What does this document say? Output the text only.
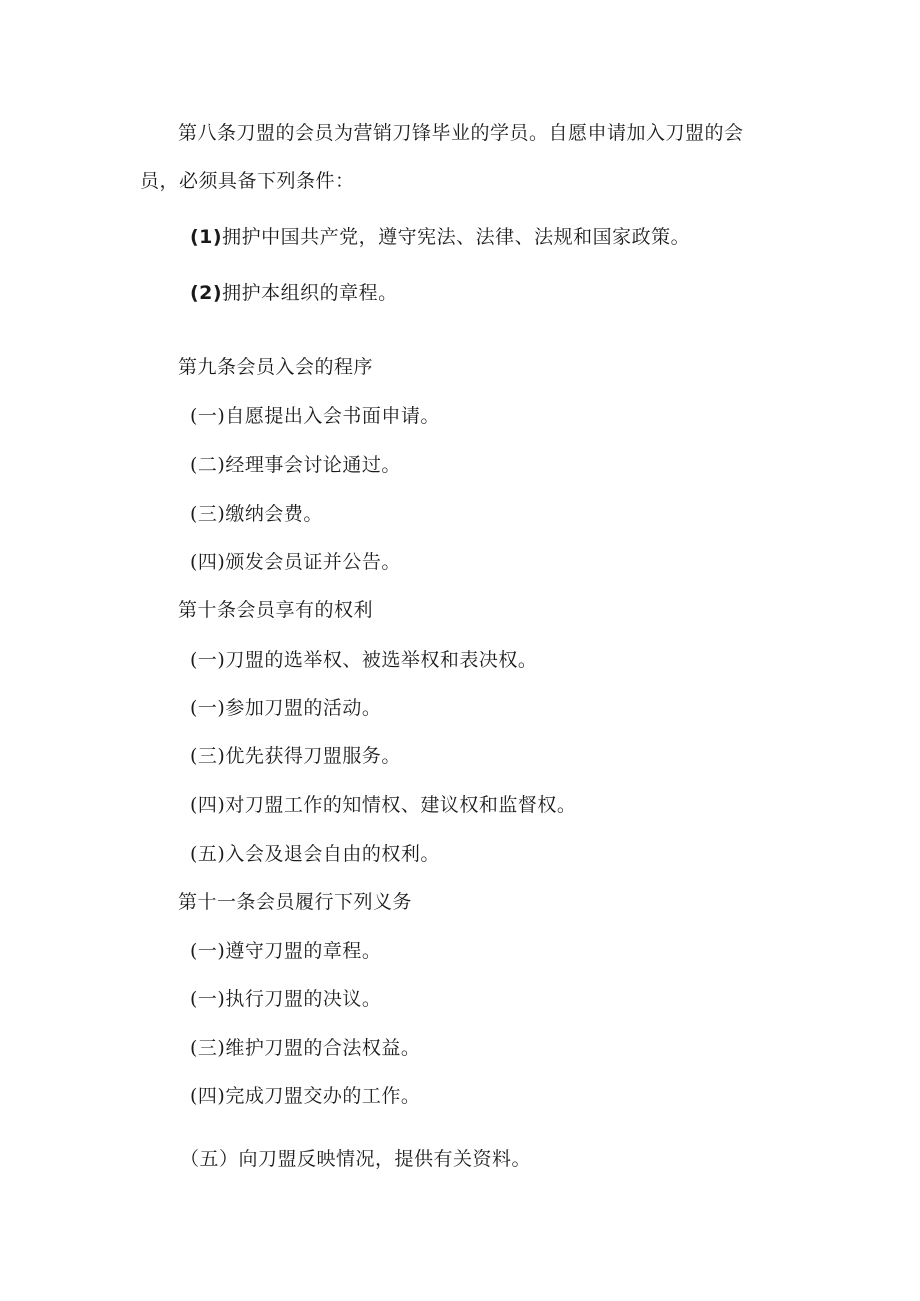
第八条刀盟的会员为营销刀锋毕业的学员。自愿申请加入刀盟的会
员，必须具备下列条件：
(1)拥护中国共产党，遵守宪法、法律、法规和国家政策。
(2)拥护本组织的章程。
第九条会员入会的程序
(一)自愿提出入会书面申请。
(二)经理事会讨论通过。
(三)缴纳会费。
(四)颁发会员证并公告。
第十条会员享有的权利
(一)刀盟的选举权、被选举权和表决权。
(一)参加刀盟的活动。
(三)优先获得刀盟服务。
(四)对刀盟工作的知情权、建议权和监督权。
(五)入会及退会自由的权利。
第十一条会员履行下列义务
(一)遵守刀盟的章程。
(一)执行刀盟的决议。
(三)维护刀盟的合法权益。
(四)完成刀盟交办的工作。
（五）向刀盟反映情况，提供有关资料。
